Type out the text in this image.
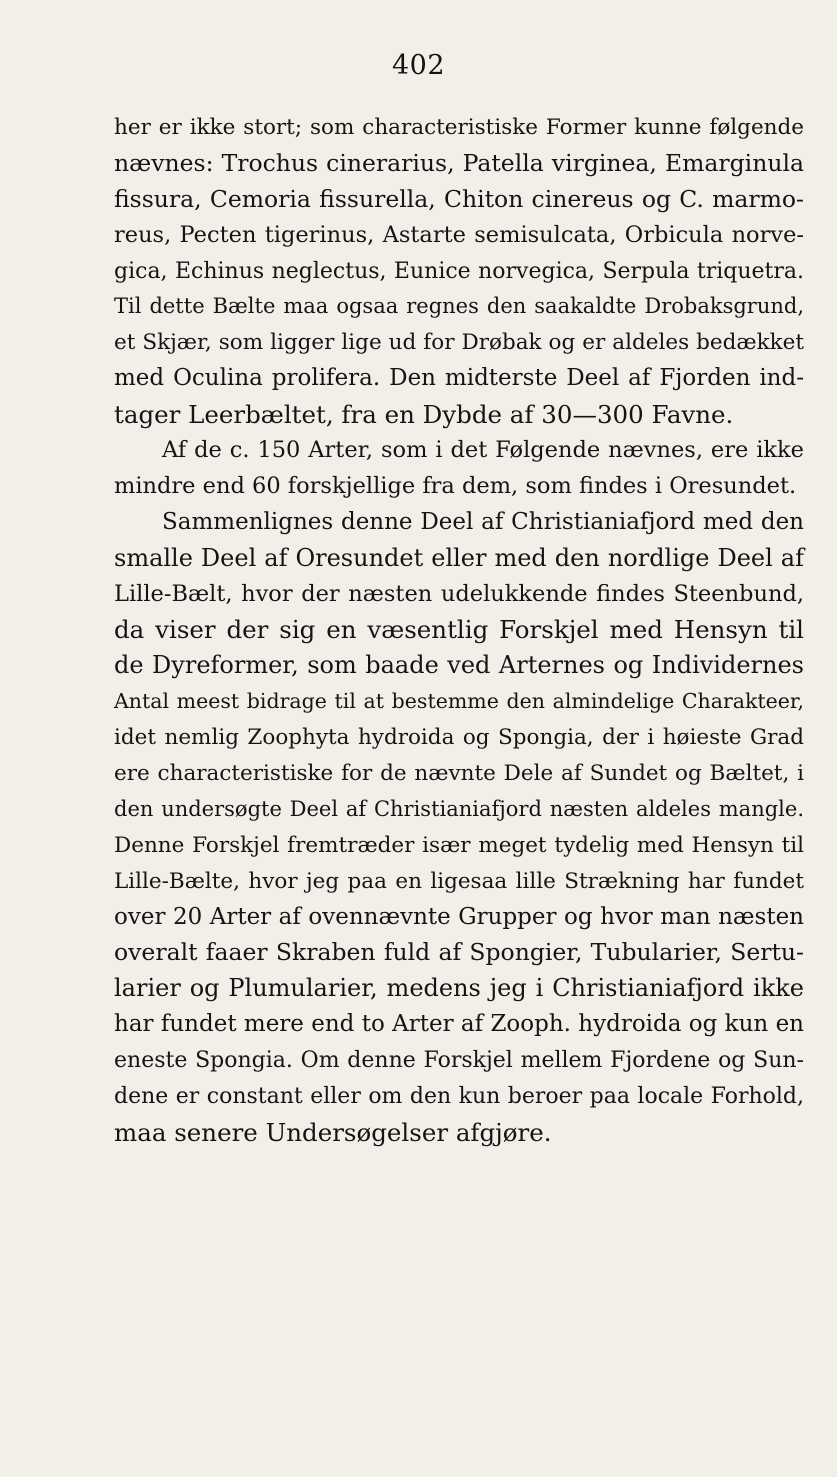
402
her er ikke stort; som characteristiske Former kunne følgende
nævnes: Trochus cinerarius, Patella virginea, Emarginula
fissura, Cemoria fissurella, Chiton cinereus og C. marmo-
reus, Pecten tigerinus, Astarte semisulcata, Orbicula norve-
gica, Echinus neglectus, Eunice norvegica, Serpula triquetra.
Til dette Bælte maa ogsaa regnes den saakaldte Drobaksgrund,
et Skjær, som ligger lige ud for Drøbak og er aldeles bedækket
med Oculina prolifera. Den midterste Deel af Fjorden ind-
tager Leerbæltet, fra en Dybde af 30—300 Favne.
Af de c. 150 Arter, som i det Følgende nævnes, ere ikke
mindre end 60 forskjellige fra dem, som findes i Oresundet.
Sammenlignes denne Deel af Christianiafjord med den
smalle Deel af Oresundet eller med den nordlige Deel af
Lille-Bælt, hvor der næsten udelukkende findes Steenbund,
da viser der sig en væsentlig Forskjel med Hensyn til
de Dyreformer, som baade ved Arternes og Individernes
Antal meest bidrage til at bestemme den almindelige Charakteer,
idet nemlig Zoophyta hydroida og Spongia, der i høieste Grad
ere characteristiske for de nævnte Dele af Sundet og Bæltet, i
den undersøgte Deel af Christianiafjord næsten aldeles mangle.
Denne Forskjel fremtræder især meget tydelig med Hensyn til
Lille-Bælte, hvor jeg paa en ligesaa lille Strækning har fundet
over 20 Arter af ovennævnte Grupper og hvor man næsten
overalt faaer Skraben fuld af Spongier, Tubularier, Sertu-
larier og Plumularier, medens jeg i Christianiafjord ikke
har fundet mere end to Arter af Zooph. hydroida og kun en
eneste Spongia. Om denne Forskjel mellem Fjordene og Sun-
dene er constant eller om den kun beroer paa locale Forhold,
maa senere Undersøgelser afgjøre.
